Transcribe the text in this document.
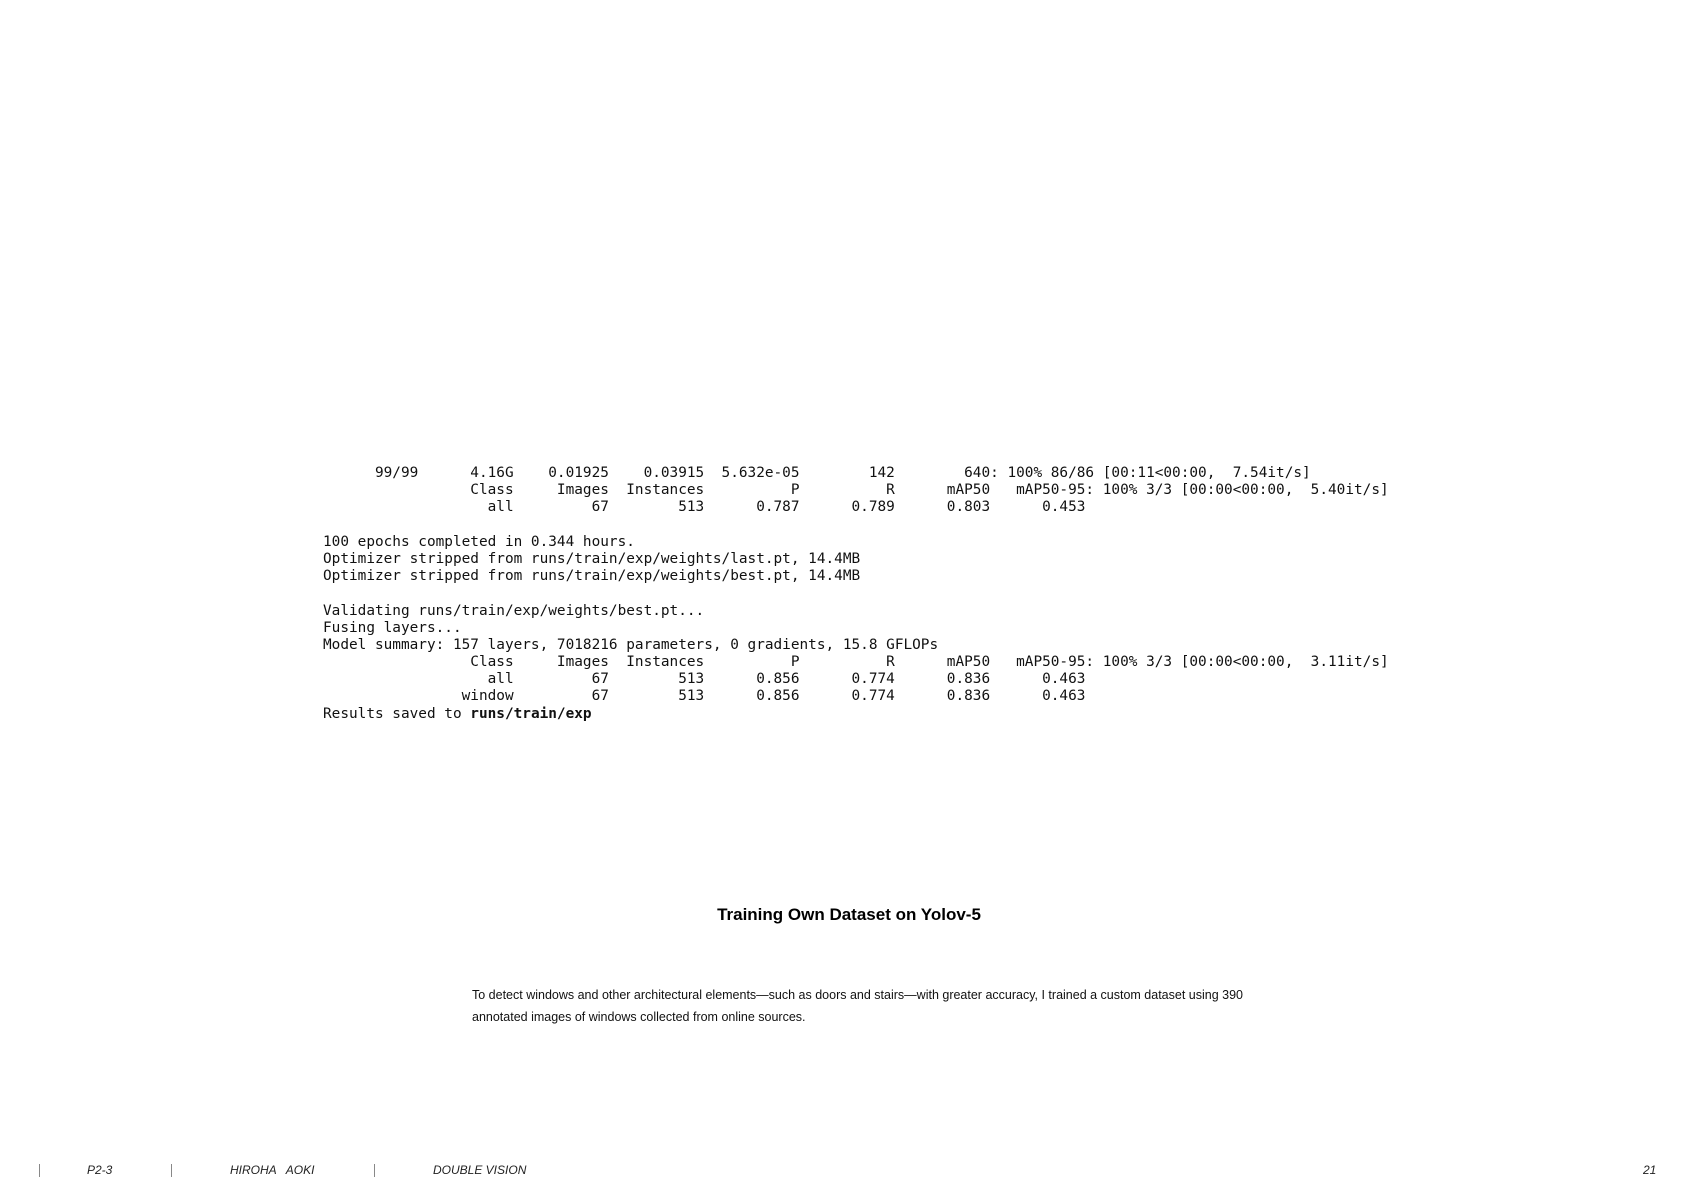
99/99      4.16G    0.01925    0.03915  5.632e-05        142        640: 100% 86/86 [00:11<00:00,  7.54it/s]
Class     Images  Instances          P          R      mAP50   mAP50-95: 100% 3/3 [00:00<00:00,  5.40it/s]
all         67        513      0.787      0.789      0.803      0.453
100 epochs completed in 0.344 hours.
Optimizer stripped from runs/train/exp/weights/last.pt, 14.4MB
Optimizer stripped from runs/train/exp/weights/best.pt, 14.4MB
Validating runs/train/exp/weights/best.pt...
Fusing layers...
Model summary: 157 layers, 7018216 parameters, 0 gradients, 15.8 GFLOPs
Class     Images  Instances          P          R      mAP50   mAP50-95: 100% 3/3 [00:00<00:00,  3.11it/s]
all         67        513      0.856      0.774      0.836      0.463
window         67        513      0.856      0.774      0.836      0.463
Results saved to runs/train/exp
Training Own Dataset on Yolov-5
To detect windows and other architectural elements—such as doors and stairs—with greater accuracy, I trained a custom dataset using 390 annotated images of windows collected from online sources.
P2-3	HIROHA   AOKI	DOUBLE VISION	21
